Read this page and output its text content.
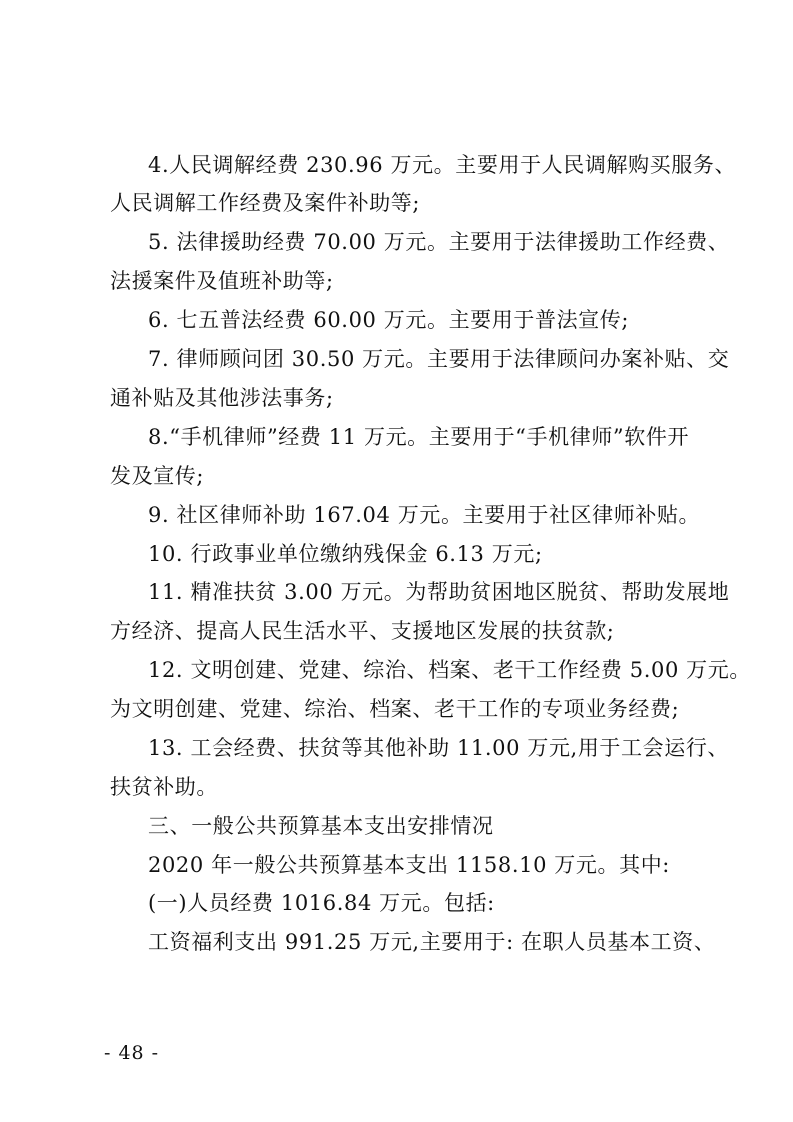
4.人民调解经费 230.96 万元。主要用于人民调解购买服务、
人民调解工作经费及案件补助等;
5. 法律援助经费 70.00 万元。主要用于法律援助工作经费、
法援案件及值班补助等;
6. 七五普法经费 60.00 万元。主要用于普法宣传;
7. 律师顾问团 30.50 万元。主要用于法律顾问办案补贴、交
通补贴及其他涉法事务;
8.“手机律师”经费 11 万元。主要用于“手机律师”软件开
发及宣传;
9. 社区律师补助 167.04 万元。主要用于社区律师补贴。
10. 行政事业单位缴纳残保金 6.13 万元;
11. 精准扶贫 3.00 万元。为帮助贫困地区脱贫、帮助发展地
方经济、提高人民生活水平、支援地区发展的扶贫款;
12. 文明创建、党建、综治、档案、老干工作经费 5.00 万元。
为文明创建、党建、综治、档案、老干工作的专项业务经费;
13. 工会经费、扶贫等其他补助 11.00 万元,用于工会运行、
扶贫补助。
三、一般公共预算基本支出安排情况
2020 年一般公共预算基本支出 1158.10 万元。其中:
(一)人员经费 1016.84 万元。包括:
工资福利支出 991.25 万元,主要用于: 在职人员基本工资、
- 48 -
